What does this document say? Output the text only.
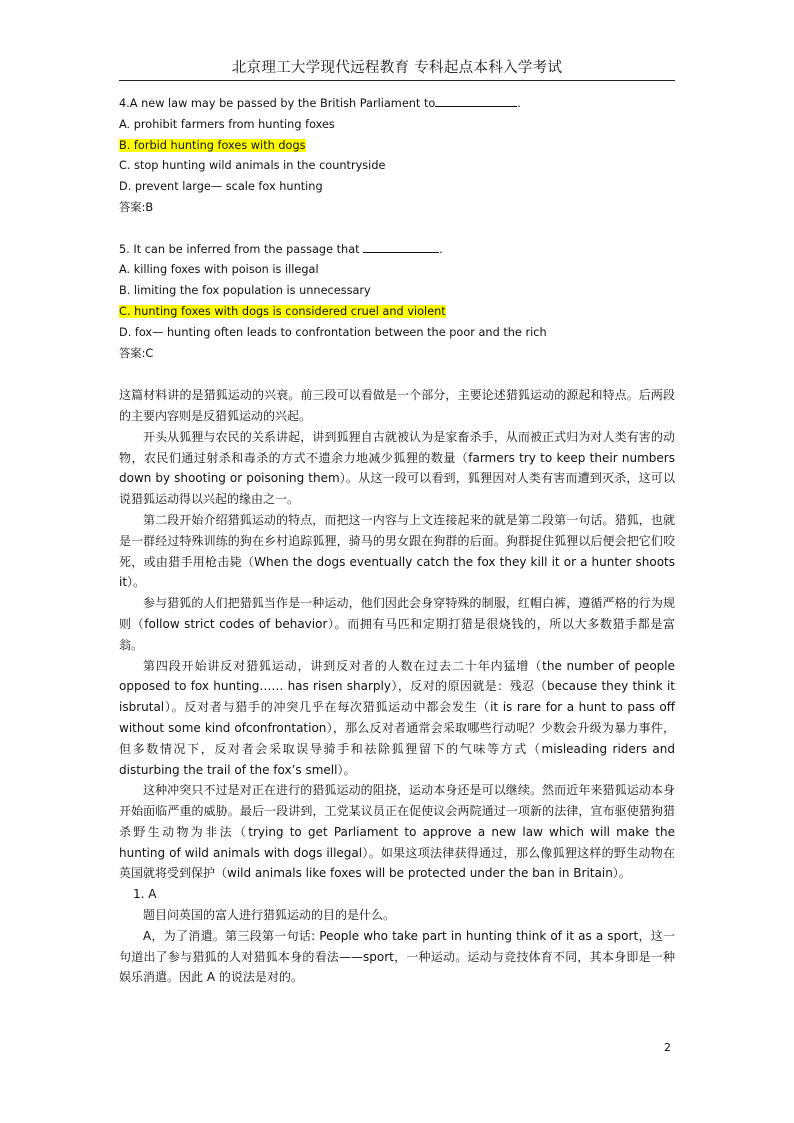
北京理工大学现代远程教育 专科起点本科入学考试
4.A new law may be passed by the British Parliament to	.
A. prohibit farmers from hunting foxes
B. forbid hunting foxes with dogs
C. stop hunting wild animals in the countryside
D. prevent large— scale fox hunting
答案:B
5. It can be inferred from the passage that	.
A. killing foxes with poison is illegal
B. limiting the fox population is unnecessary
C. hunting foxes with dogs is considered cruel and violent
D. fox— hunting often leads to confrontation between the poor and the rich
答案:C

这篇材料讲的是猎狐运动的兴衰。前三段可以看做是一个部分，主要论述猎狐运动的源起和特点。后两段的主要内容则是反猎狐运动的兴起。

开头从狐狸与农民的关系讲起，讲到狐狸自古就被认为是家畜杀手，从而被正式归为对人类有害的动物，农民们通过射杀和毒杀的方式不遗余力地减少狐狸的数量（farmers try to keep their numbers down by shooting or poisoning them）。从这一段可以看到，狐狸因对人类有害而遭到灭杀，这可以说猎狐运动得以兴起的缘由之一。

第二段开始介绍猎狐运动的特点，而把这一内容与上文连接起来的就是第二段第一句话。猎狐，也就是一群经过特殊训练的狗在乡村追踪狐狸，骑马的男女跟在狗群的后面。狗群捉住狐狸以后便会把它们咬死，或由猎手用枪击毙（When the dogs eventually catch the fox they kill it or a hunter shoots it）。

参与猎狐的人们把猎狐当作是一种运动，他们因此会身穿特殊的制服，红帽白裤，遵循严格的行为规则（follow strict codes of behavior）。而拥有马匹和定期打猎是很烧钱的，所以大多数猎手都是富翁。

第四段开始讲反对猎狐运动，讲到反对者的人数在过去二十年内猛增（the number of people opposed to fox hunting…… has risen sharply），反对的原因就是：残忍（because they think it isbrutal）。反对者与猎手的冲突几乎在每次猎狐运动中都会发生（it is rare for a hunt to pass off without some kind ofconfrontation），那么反对者通常会采取哪些行动呢？少数会升级为暴力事件，但多数情况下，反对者会采取误导骑手和祛除狐狸留下的气味等方式（misleading riders and disturbing the trail of the fox’s smell）。

这种冲突只不过是对正在进行的猎狐运动的阻挠，运动本身还是可以继续。然而近年来猎狐运动本身开始面临严重的威胁。最后一段讲到，工党某议员正在促使议会两院通过一项新的法律，宣布驱使猎狗猎杀野生动物为非法（trying to get Parliament to approve a new law which will make the hunting of wild animals with dogs illegal）。如果这项法律获得通过，那么像狐狸这样的野生动物在英国就将受到保护（wild animals like foxes will be protected under the ban in Britain）。

1. A

题目问英国的富人进行猎狐运动的目的是什么。

A，为了消遣。第三段第一句话: People who take part in hunting think of it as a sport，这一句道出了参与猎狐的人对猎狐本身的看法——sport，一种运动。运动与竞技体育不同，其本身即是一种娱乐消遣。因此 A 的说法是对的。

2
